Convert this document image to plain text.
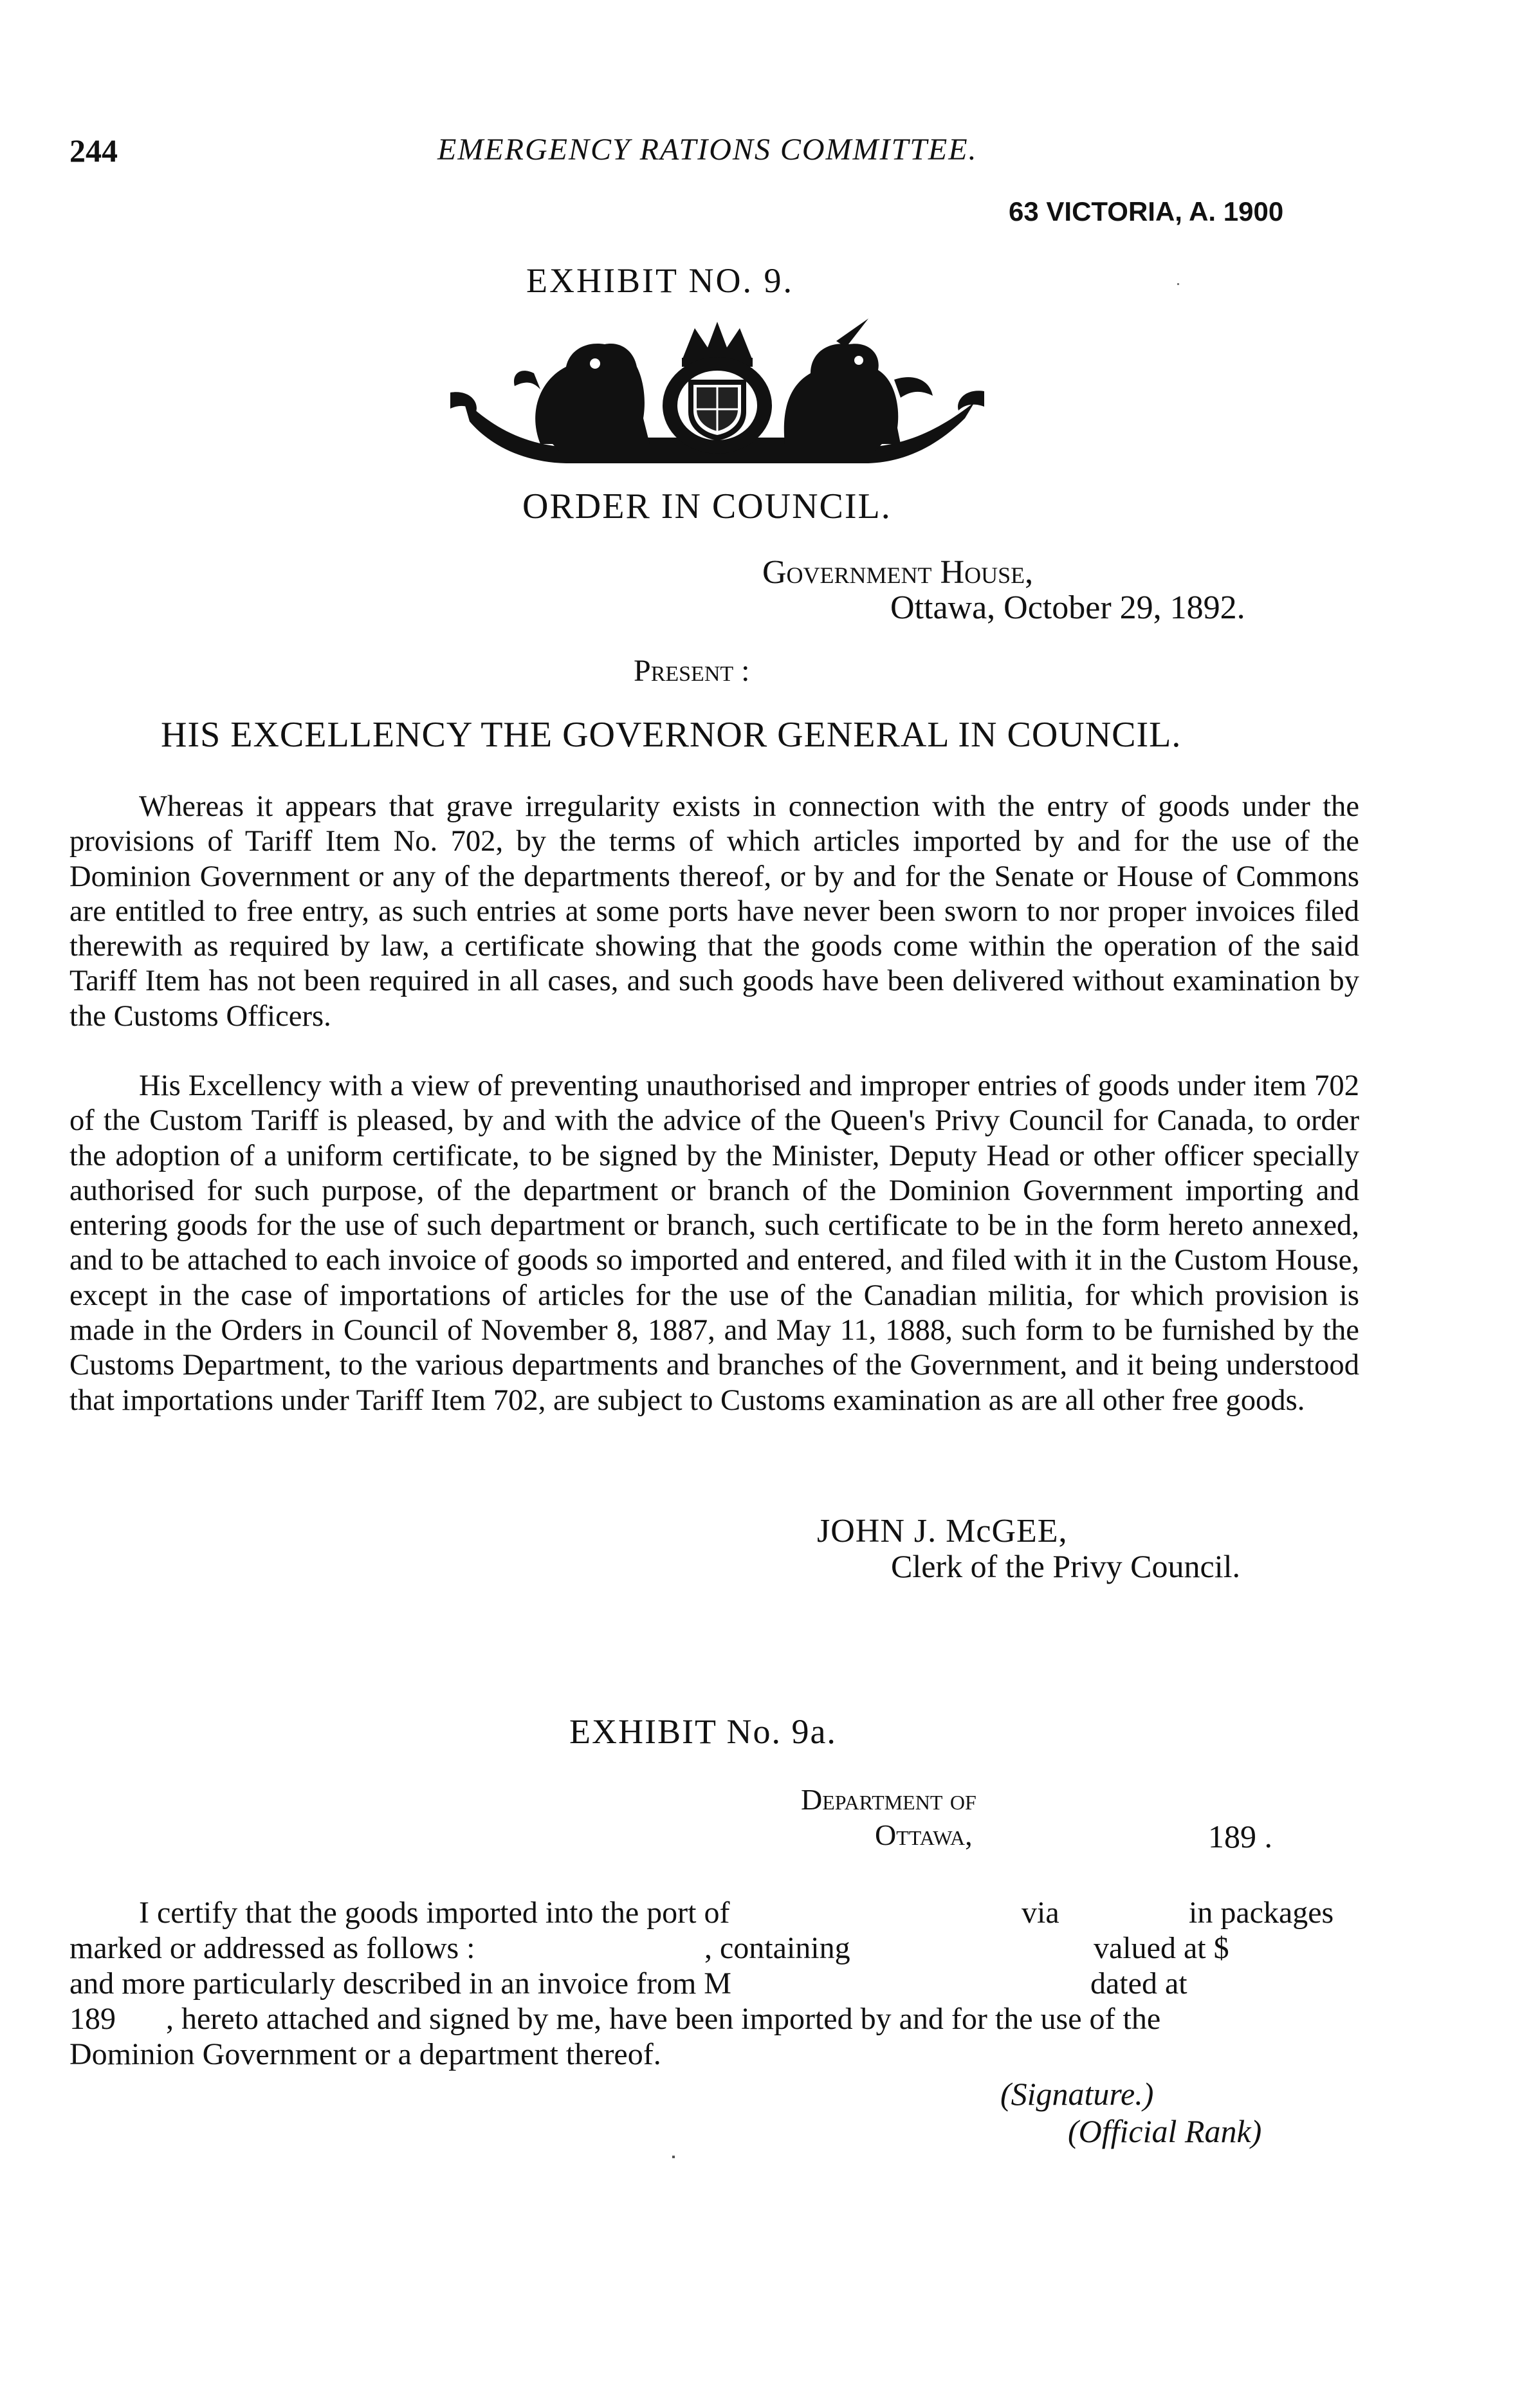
244	EMERGENCY RATIONS COMMITTEE.
63 VICTORIA, A. 1900
EXHIBIT NO. 9.
ORDER IN COUNCIL.
Government House,
Ottawa, October 29, 1892.
Present :
HIS EXCELLENCY THE GOVERNOR GENERAL IN COUNCIL.

Whereas it appears that grave irregularity exists in connection with the entry of goods under the provisions of Tariff Item No. 702, by the terms of which articles imported by and for the use of the Dominion Government or any of the departments thereof, or by and for the Senate or House of Commons are entitled to free entry, as such entries at some ports have never been sworn to nor proper invoices filed therewith as required by law, a certificate showing that the goods come within the operation of the said Tariff Item has not been required in all cases, and such goods have been delivered without examination by the Customs Officers.

His Excellency with a view of preventing unauthorised and improper entries of goods under item 702 of the Custom Tariff is pleased, by and with the advice of the Queen's Privy Council for Canada, to order the adoption of a uniform certificate, to be signed by the Minister, Deputy Head or other officer specially authorised for such purpose, of the department or branch of the Dominion Government importing and entering goods for the use of such department or branch, such certificate to be in the form hereto annexed, and to be attached to each invoice of goods so imported and entered, and filed with it in the Custom House, except in the case of importations of articles for the use of the Canadian militia, for which provision is made in the Orders in Council of November 8, 1887, and May 11, 1888, such form to be furnished by the Customs Department, to the various departments and branches of the Government, and it being understood that importations under Tariff Item 702, are subject to Customs examination as are all other free goods.

JOHN J. McGEE,
Clerk of the Privy Council.
EXHIBIT No. 9a.
Department of
Ottawa,	189 .
I certify that the goods imported into the port of	via	in packages
marked or addressed as follows :	, containing	valued at $
and more particularly described in an invoice from M	dated at
189 , hereto attached and signed by me, have been imported by and for the use of the
Dominion Government or a department thereof.
(Signature.)
(Official Rank)
